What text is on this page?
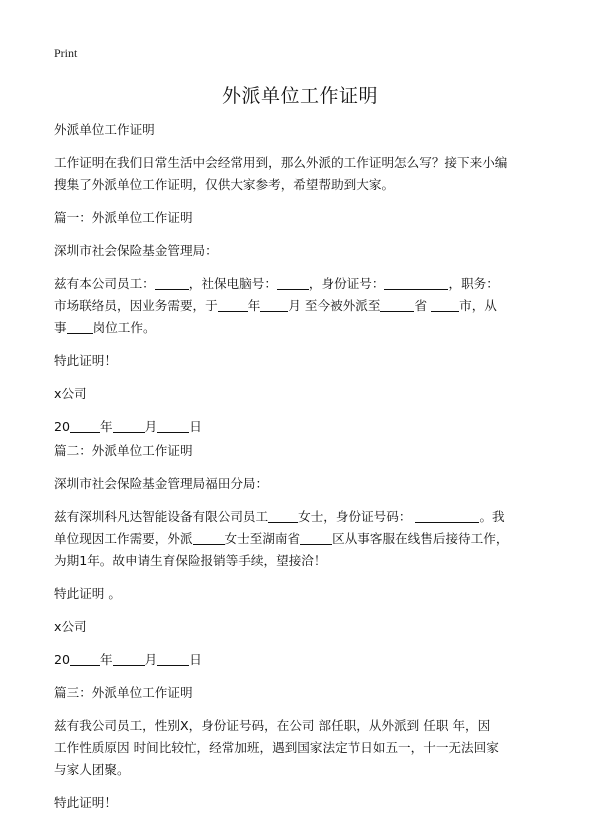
Print
外派单位工作证明

外派单位工作证明

工作证明在我们日常生活中会经常用到，那么外派的工作证明怎么写？接下来小编
搜集了外派单位工作证明，仅供大家参考，希望帮助到大家。

篇一：外派单位工作证明

深圳市社会保险基金管理局：

兹有本公司员工：	，社保电脑号：	，身份证号：	，职务：
市场联络员，因业务需要，于 年 月 至今被外派至	省	市，从
事 岗位工作。

特此证明！

x公司

20 年	月	日

篇二：外派单位工作证明

深圳市社会保险基金管理局福田分局：

兹有深圳科凡达智能设备有限公司员工 女士，身份证号码：	。我
单位现因工作需要，外派	女士至湖南省	区从事客服在线售后接待工作，
为期1年。故申请生育保险报销等手续，望接洽！

特此证明 。

x公司

20 年	月	日

篇三：外派单位工作证明

兹有我公司员工，性别X，身份证号码，在公司 部任职，从外派到 任职 年，因
工作性质原因 时间比较忙，经常加班，遇到国家法定节日如五一，十一无法回家
与家人团聚。

特此证明！
